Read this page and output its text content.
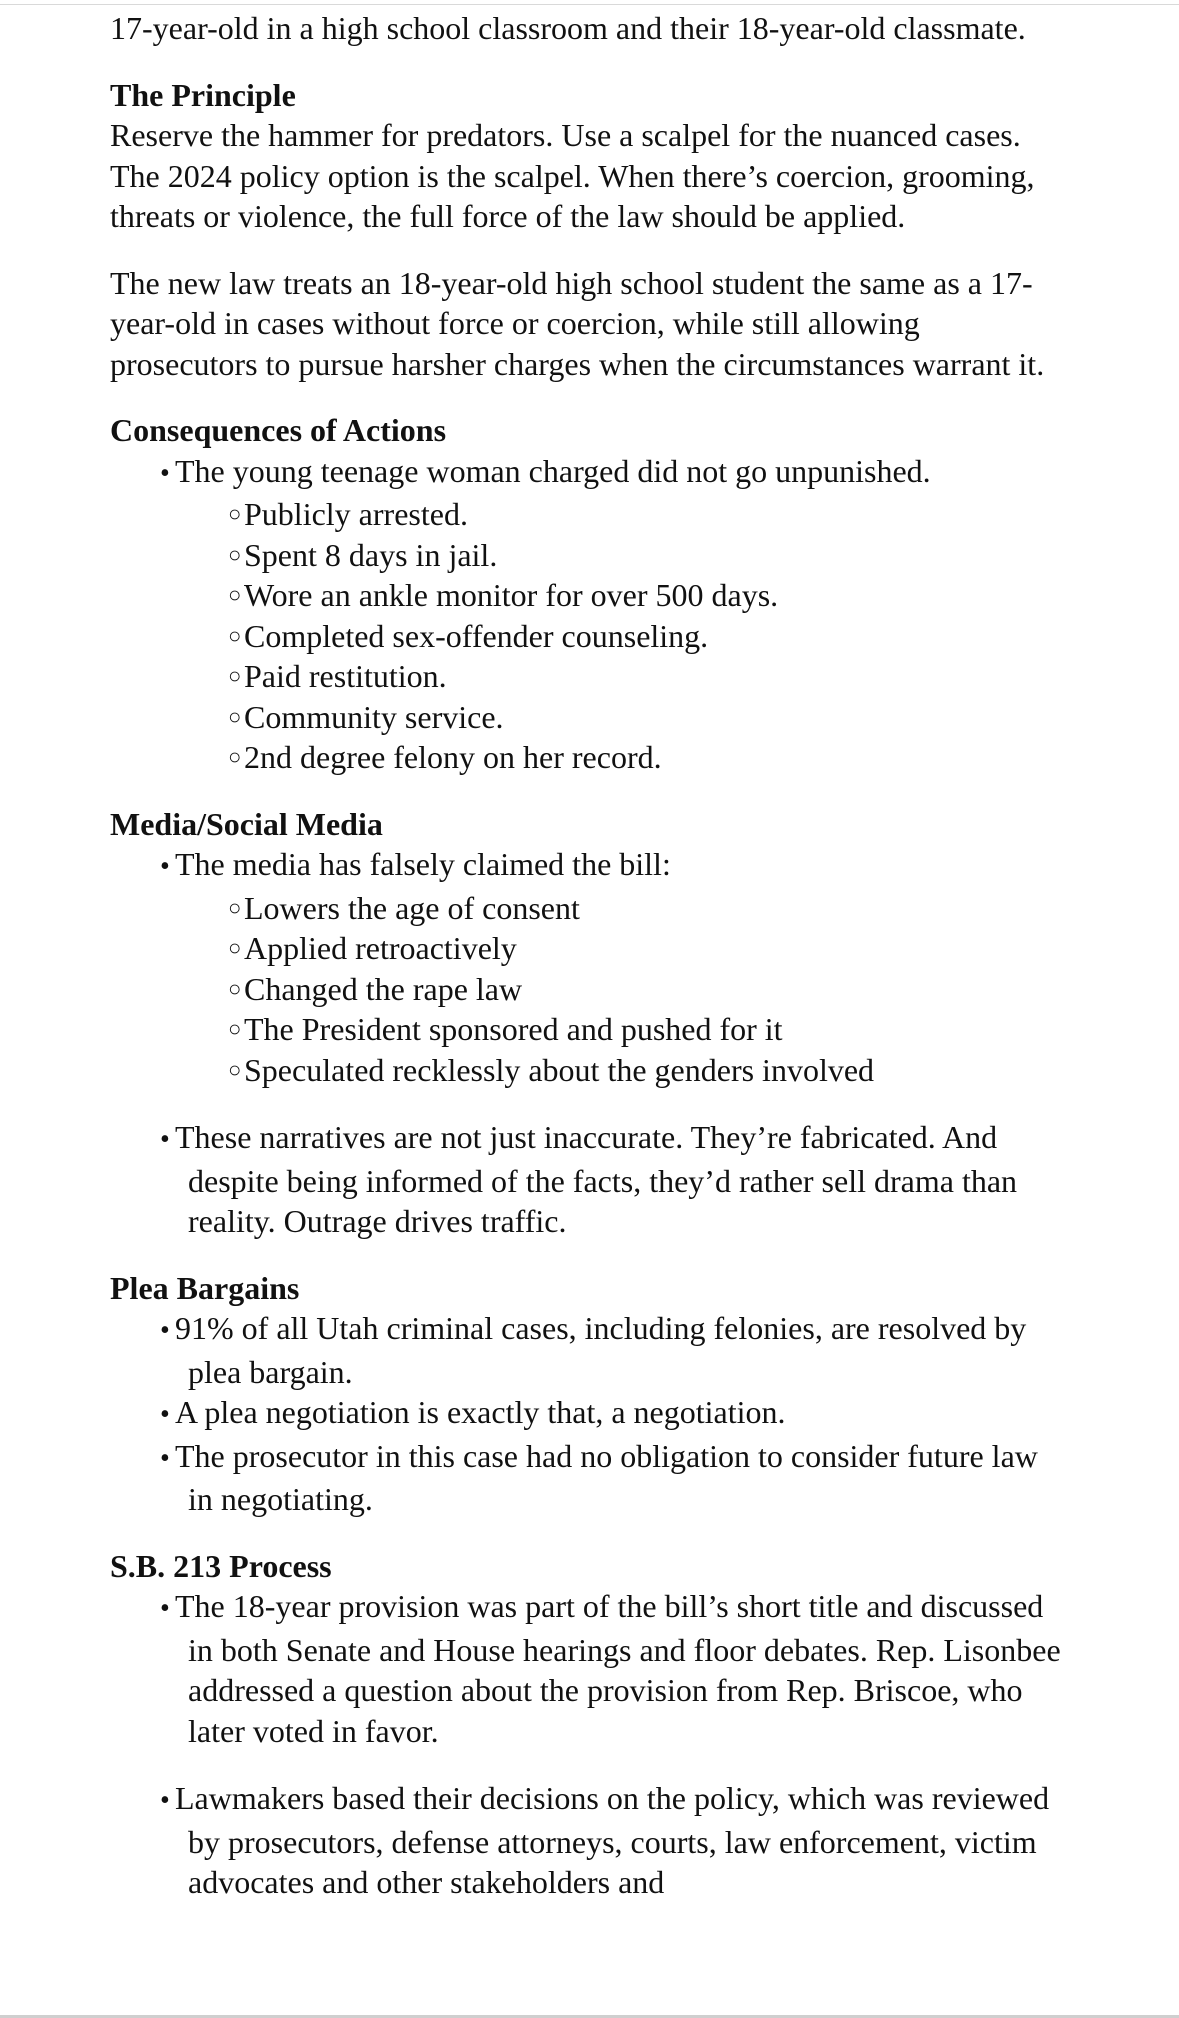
17-year-old in a high school classroom and their 18-year-old classmate.

The Principle

Reserve the hammer for predators. Use a scalpel for the nuanced cases. The 2024 policy option is the scalpel. When there’s coercion, grooming, threats or violence, the full force of the law should be applied.

The new law treats an 18-year-old high school student the same as a 17-year-old in cases without force or coercion, while still allowing prosecutors to pursue harsher charges when the circumstances warrant it.

Consequences of Actions
• The young teenage woman charged did not go unpunished.
○ Publicly arrested.
○ Spent 8 days in jail.
○ Wore an ankle monitor for over 500 days.
○ Completed sex-offender counseling.
○ Paid restitution.
○ Community service.
○ 2nd degree felony on her record.
Media/Social Media
• The media has falsely claimed the bill:
○ Lowers the age of consent
○ Applied retroactively
○ Changed the rape law
○ The President sponsored and pushed for it
○ Speculated recklessly about the genders involved
• These narratives are not just inaccurate. They’re fabricated. And despite being informed of the facts, they’d rather sell drama than reality. Outrage drives traffic.
Plea Bargains
• 91% of all Utah criminal cases, including felonies, are resolved by plea bargain.
• A plea negotiation is exactly that, a negotiation.
• The prosecutor in this case had no obligation to consider future law in negotiating.
S.B. 213 Process
• The 18-year provision was part of the bill’s short title and discussed in both Senate and House hearings and floor debates. Rep. Lisonbee addressed a question about the provision from Rep. Briscoe, who later voted in favor.
• Lawmakers based their decisions on the policy, which was reviewed by prosecutors, defense attorneys, courts, law enforcement, victim advocates and other stakeholders and
